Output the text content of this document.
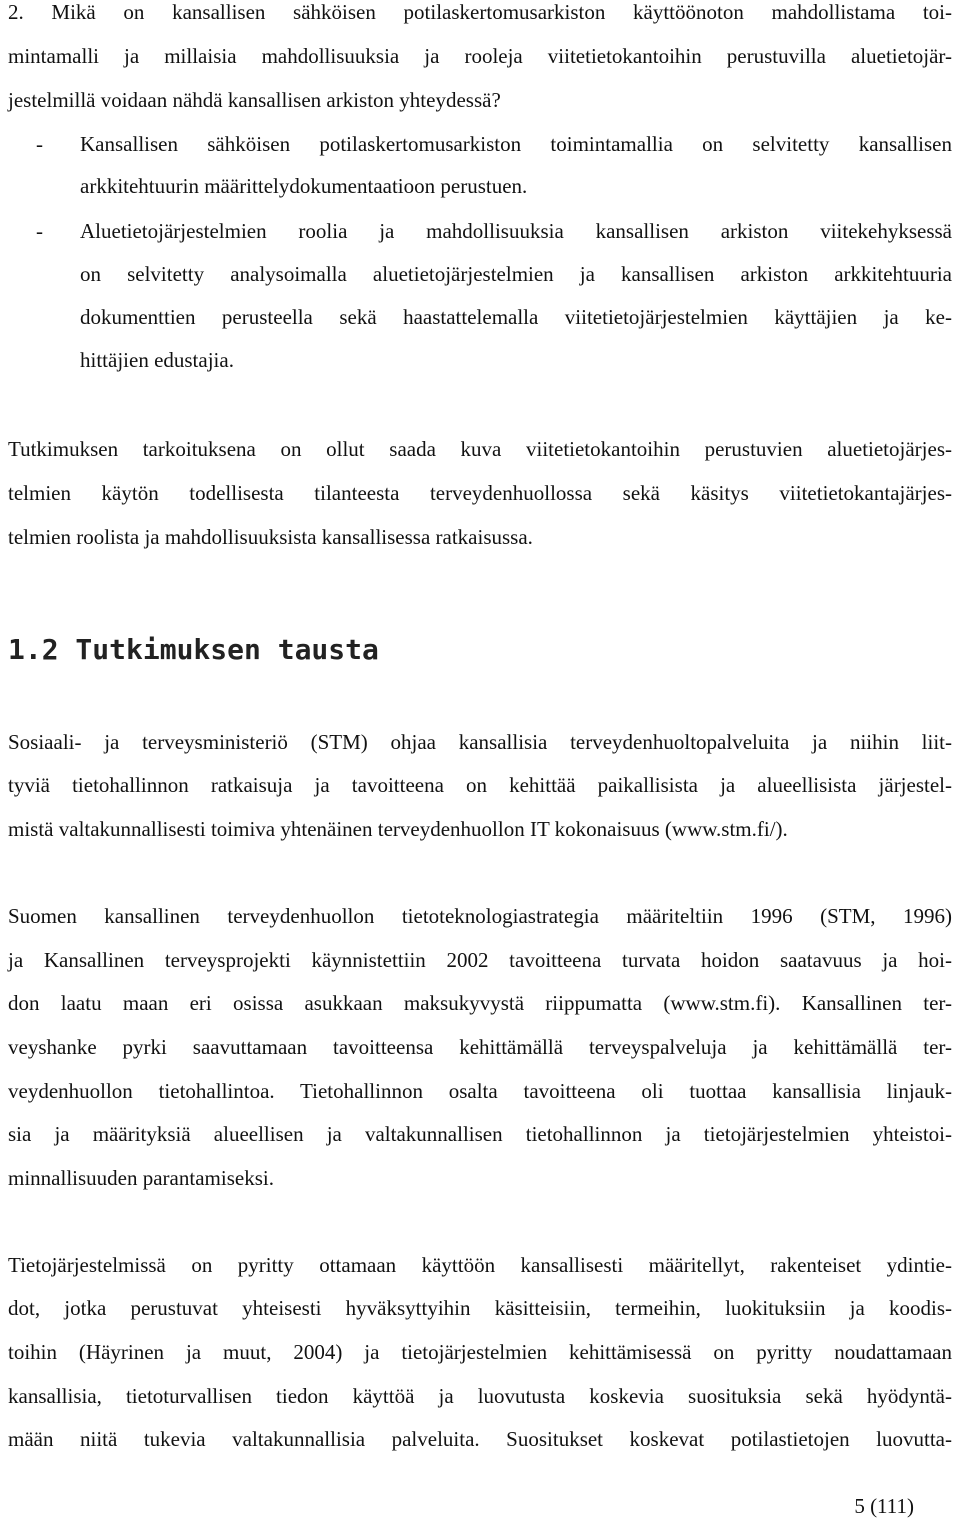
2. Mikä on kansallisen sähköisen potilaskertomusarkiston käyttöönoton mahdollistama toi-
mintamalli ja millaisia mahdollisuuksia ja rooleja viitetietokantoihin perustuvilla aluetietojär-
jestelmillä voidaan nähdä kansallisen arkiston yhteydessä?
- Kansallisen sähköisen potilaskertomusarkiston toimintamallia on selvitetty kansallisen
arkkitehtuurin määrittelydokumentaatioon perustuen.
- Aluetietojärjestelmien roolia ja mahdollisuuksia kansallisen arkiston viitekehyksessä
on selvitetty analysoimalla aluetietojärjestelmien ja kansallisen arkiston arkkitehtuuria
dokumenttien perusteella sekä haastattelemalla viitetietojärjestelmien käyttäjien ja ke-
hittäjien edustajia.
Tutkimuksen tarkoituksena on ollut saada kuva viitetietokantoihin perustuvien aluetietojärjes-
telmien käytön todellisesta tilanteesta terveydenhuollossa sekä käsitys viitetietokantajärjes-
telmien roolista ja mahdollisuuksista kansallisessa ratkaisussa.
1.2 Tutkimuksen tausta
Sosiaali- ja terveysministeriö (STM) ohjaa kansallisia terveydenhuoltopalveluita ja niihin liit-
tyviä tietohallinnon ratkaisuja ja tavoitteena on kehittää paikallisista ja alueellisista järjestel-
mistä valtakunnallisesti toimiva yhtenäinen terveydenhuollon IT kokonaisuus (www.stm.fi/).
Suomen kansallinen terveydenhuollon tietoteknologiastrategia määriteltiin 1996 (STM, 1996)
ja Kansallinen terveysprojekti käynnistettiin 2002 tavoitteena turvata hoidon saatavuus ja hoi-
don laatu maan eri osissa asukkaan maksukyvystä riippumatta (www.stm.fi). Kansallinen ter-
veyshanke pyrki saavuttamaan tavoitteensa kehittämällä terveyspalveluja ja kehittämällä ter-
veydenhuollon tietohallintoa. Tietohallinnon osalta tavoitteena oli tuottaa kansallisia linjauk-
sia ja määrityksiä alueellisen ja valtakunnallisen tietohallinnon ja tietojärjestelmien yhteistoi-
minnallisuuden parantamiseksi.
Tietojärjestelmissä on pyritty ottamaan käyttöön kansallisesti määritellyt, rakenteiset ydintie-
dot, jotka perustuvat yhteisesti hyväksyttyihin käsitteisiin, termeihin, luokituksiin ja koodis-
toihin (Häyrinen ja muut, 2004) ja tietojärjestelmien kehittämisessä on pyritty noudattamaan
kansallisia, tietoturvallisen tiedon käyttöä ja luovutusta koskevia suosituksia sekä hyödyntä-
mään niitä tukevia valtakunnallisia palveluita. Suositukset koskevat potilastietojen luovutta-
5 (111)
